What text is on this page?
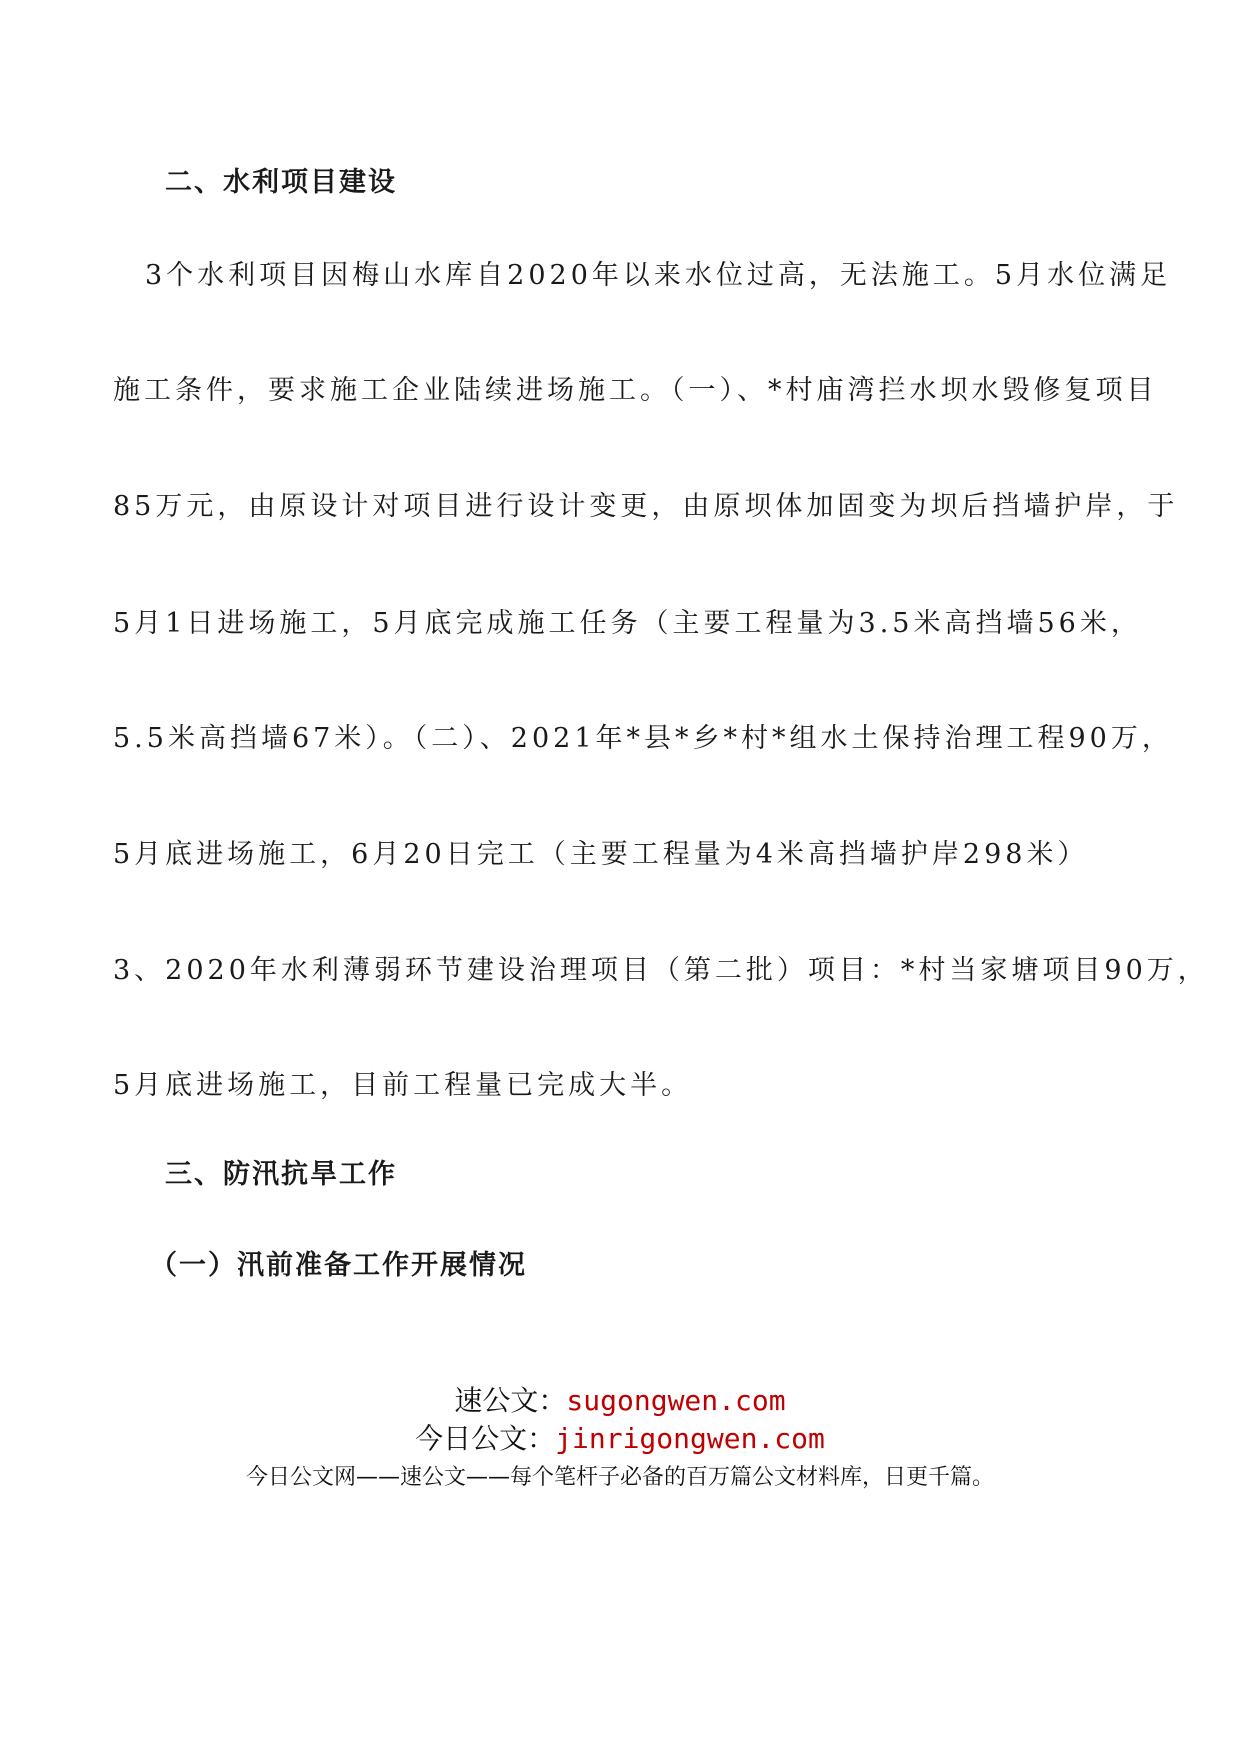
二、水利项目建设
3个水利项目因梅山水库自2020年以来水位过高，无法施工。5月水位满足
施工条件，要求施工企业陆续进场施工。（一）、*村庙湾拦水坝水毁修复项目
85万元，由原设计对项目进行设计变更，由原坝体加固变为坝后挡墙护岸，于
5月1日进场施工，5月底完成施工任务（主要工程量为3.5米高挡墙56米，
5.5米高挡墙67米）。（二）、2021年*县*乡*村*组水土保持治理工程90万，
5月底进场施工，6月20日完工（主要工程量为4米高挡墙护岸298米）
3、2020年水利薄弱环节建设治理项目（第二批）项目：*村当家塘项目90万，
5月底进场施工，目前工程量已完成大半。
三、防汛抗旱工作
（一）汛前准备工作开展情况
速公文：sugongwen.com
今日公文：jinrigongwen.com
今日公文网——速公文——每个笔杆子必备的百万篇公文材料库，日更千篇。
